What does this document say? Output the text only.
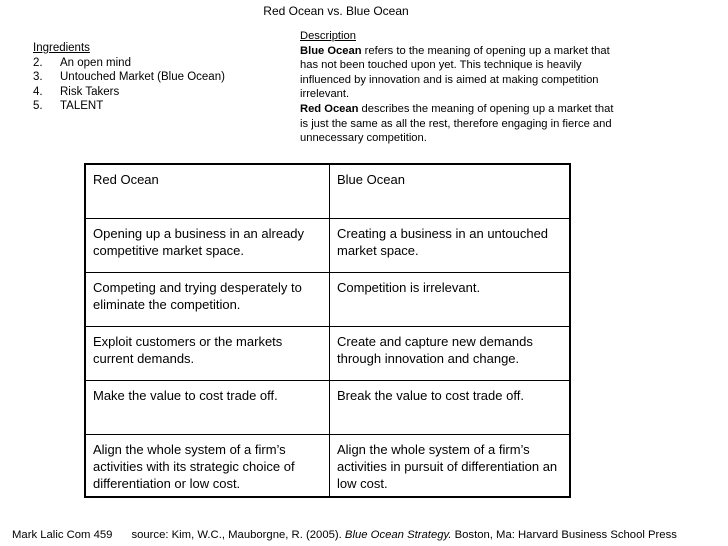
Red Ocean vs. Blue Ocean
Ingredients
2.	An open mind
3.	Untouched Market (Blue Ocean)
4.	Risk Takers
5.	TALENT
Description
Blue Ocean refers to the meaning of opening up a market that has not been touched upon yet. This technique is heavily influenced by innovation and is aimed at making competition irrelevant.
Red Ocean describes the meaning of opening up a market that is just the same as all the rest, therefore engaging in fierce and unnecessary competition.
Red Ocean	Blue Ocean
Opening up a business in an already competitive market space.	Creating a business in an untouched market space.
Competing and trying desperately to eliminate the competition.	Competition is irrelevant.
Exploit customers or the markets current demands.	Create and capture new demands through innovation and change.
Make the value to cost trade off.	Break the value to cost trade off.
Align the whole system of a firm’s activities with its strategic choice of differentiation or low cost.	Align the whole system of a firm’s activities in pursuit of differentiation an low cost.
Mark Lalic Com 459 source: Kim, W.C., Mauborgne, R. (2005). Blue Ocean Strategy. Boston, Ma: Harvard Business School Press
